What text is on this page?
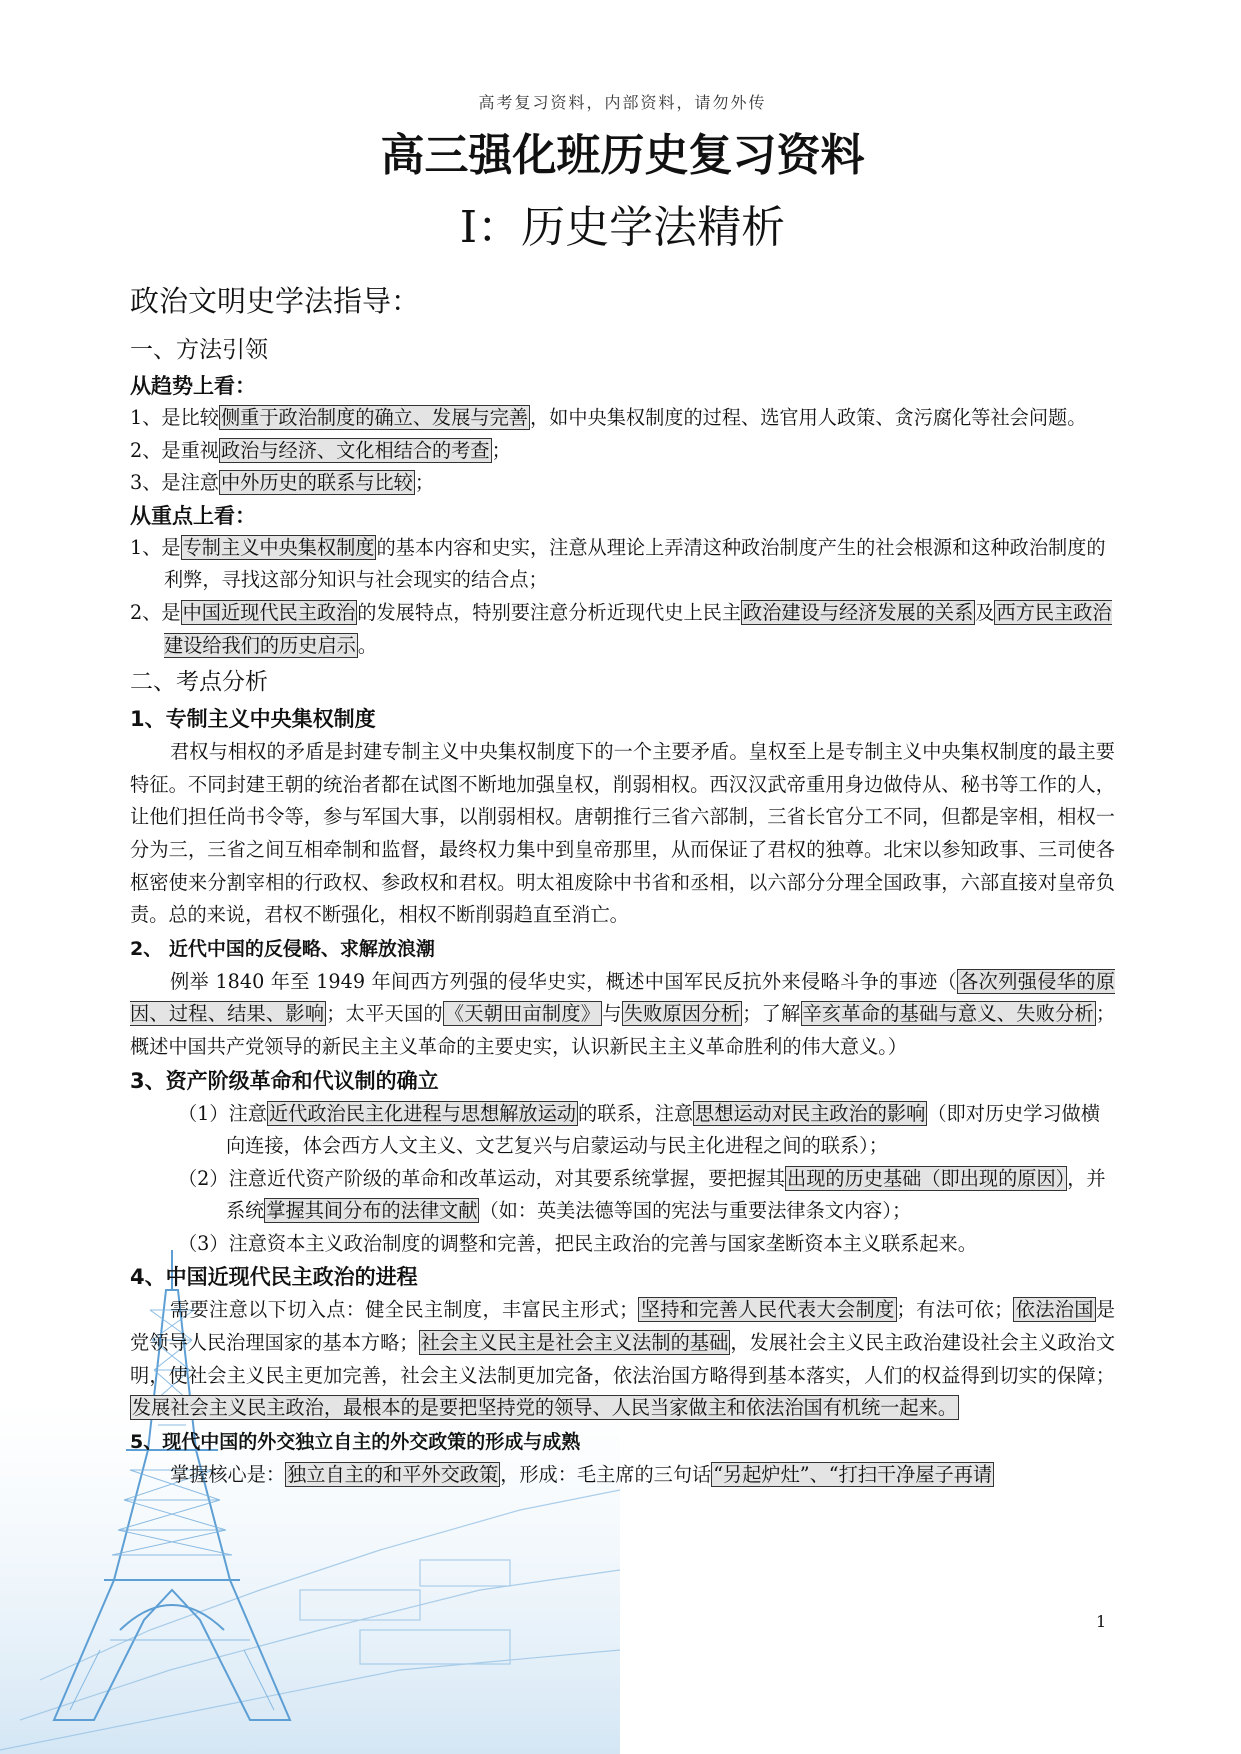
高考复习资料，内部资料，请勿外传
高三强化班历史复习资料
Ⅰ：历史学法精析
政治文明史学法指导：
一、方法引领
从趋势上看：
1、是比较 侧重于政治制度的确立、发展与完善 ，如中央集权制度的过程、选官用人政策、贪污腐化等社会问题。
2、是重视 政治与经济、文化相结合的考查 ；
3、是注意 中外历史的联系与比较 ；
从重点上看：
1、是 专制主义中央集权制度 的基本内容和史实，注意从理论上弄清这种政治制度产生的社会根源和这种政治制度的利弊，寻找这部分知识与社会现实的结合点；
2、是 中国近现代民主政治 的发展特点，特别要注意分析近现代史上民主 政治建设与经济发展的关系 及 西方民主政治建设给我们的历史启示 。
二、考点分析
1、专制主义中央集权制度
君权与相权的矛盾是封建专制主义中央集权制度下的一个主要矛盾。皇权至上是专制主义中央集权制度的最主要特征。不同封建王朝的统治者都在试图不断地加强皇权，削弱相权。西汉汉武帝重用身边做侍从、秘书等工作的人，让他们担任尚书令等，参与军国大事，以削弱相权。唐朝推行三省六部制，三省长官分工不同，但都是宰相，相权一分为三，三省之间互相牵制和监督，最终权力集中到皇帝那里，从而保证了君权的独尊。北宋以参知政事、三司使各枢密使来分割宰相的行政权、参政权和君权。明太祖废除中书省和丞相，以六部分分理全国政事，六部直接对皇帝负责。总的来说，君权不断强化，相权不断削弱趋直至消亡。
2、 近代中国的反侵略、求解放浪潮
例举 1840 年至 1949 年间西方列强的侵华史实，概述中国军民反抗外来侵略斗争的事迹（ 各次列强侵华的原因、过程、结果、影响 ；太平天国的 《天朝田亩制度》 与 失败原因分析 ；了解 辛亥革命的基础与意义、失败分析 ；概述中国共产党领导的新民主主义革命的主要史实，认识新民主主义革命胜利的伟大意义。）
3、资产阶级革命和代议制的确立
（1）注意 近代政治民主化进程与思想解放运动 的联系，注意 思想运动对民主政治的影响 （即对历史学习做横向连接，体会西方人文主义、文艺复兴与启蒙运动与民主化进程之间的联系）；
（2）注意近代资产阶级的革命和改革运动，对其要系统掌握，要把握其 出现的历史基础（即出现的原因） ，并系统 掌握其间分布的法律文献 （如：英美法德等国的宪法与重要法律条文内容）；
（3）注意资本主义政治制度的调整和完善，把民主政治的完善与国家垄断资本主义联系起来。
4、中国近现代民主政治的进程
需要注意以下切入点：健全民主制度，丰富民主形式； 坚持和完善人民代表大会制度 ；有法可依； 依法治国 是党领导人民治理国家的基本方略； 社会主义民主是社会主义法制的基础 ，发展社会主义民主政治建设社会主义政治文明，使社会主义民主更加完善，社会主义法制更加完备，依法治国方略得到基本落实，人们的权益得到切实的保障；发展社会主义民主政治，最根本的是要把坚持党的领导、人民当家做主和依法治国有机统一起来。
5、现代中国的外交独立自主的外交政策的形成与成熟
掌握核心是： 独立自主的和平外交政策 ，形成：毛主席的三句话 “另起炉灶”、“打扫干净屋子再请
1
